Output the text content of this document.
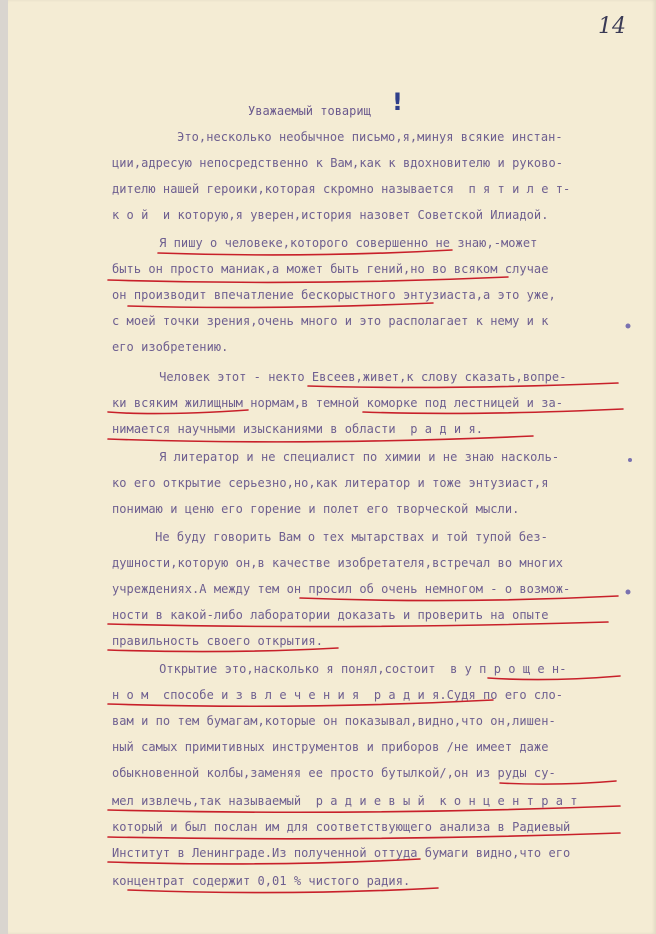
14
Уважаемый товарищ !
Это,несколько необычное письмо,я,минуя всякие инстан-
ции,адресую непосредственно к Вам,как к вдохновителю и руково-
дителю нашей героики,которая скромно называется  п я т и л е т-
к о й  и которую,я уверен,история назовет Советской Илиадой.
Я пишу о человеке,которого совершенно не знаю,-может
быть он просто маниак,а может быть гений,но во всяком случае
он производит впечатление бескорыстного энтузиаста,а это уже,
с моей точки зрения,очень много и это располагает к нему и к
его изобретению.
Человек этот - некто Евсеев,живет,к слову сказать,вопре-
ки всяким жилищным нормам,в темной коморке под лестницей и за-
нимается научными изысканиями в области  р а д и я.
Я литератор и не специалист по химии и не знаю насколь-
ко его открытие серьезно,но,как литератор и тоже энтузиаст,я
понимаю и ценю его горение и полет его творческой мысли.
Не буду говорить Вам о тех мытарствах и той тупой без-
душности,которую он,в качестве изобретателя,встречал во многих
учреждениях.А между тем он просил об очень немногом - о возмож-
ности в какой-либо лаборатории доказать и проверить на опыте
правильность своего открытия.
Открытие это,насколько я понял,состоит  в у п р о щ е н-
н о м  способе и з в л е ч е н и я  р а д и я.Судя по его сло-
вам и по тем бумагам,которые он показывал,видно,что он,лишен-
ный самых примитивных инструментов и приборов /не имеет даже
обыкновенной колбы,заменяя ее просто бутылкой/,он из руды су-
мел извлечь,так называемый  р а д и е в ы й  к о н ц е н т р а т
который и был послан им для соответствующего анализа в Радиевый
Институт в Ленинграде.Из полученной оттуда бумаги видно,что его
концентрат содержит 0,01 % чистого радия.
